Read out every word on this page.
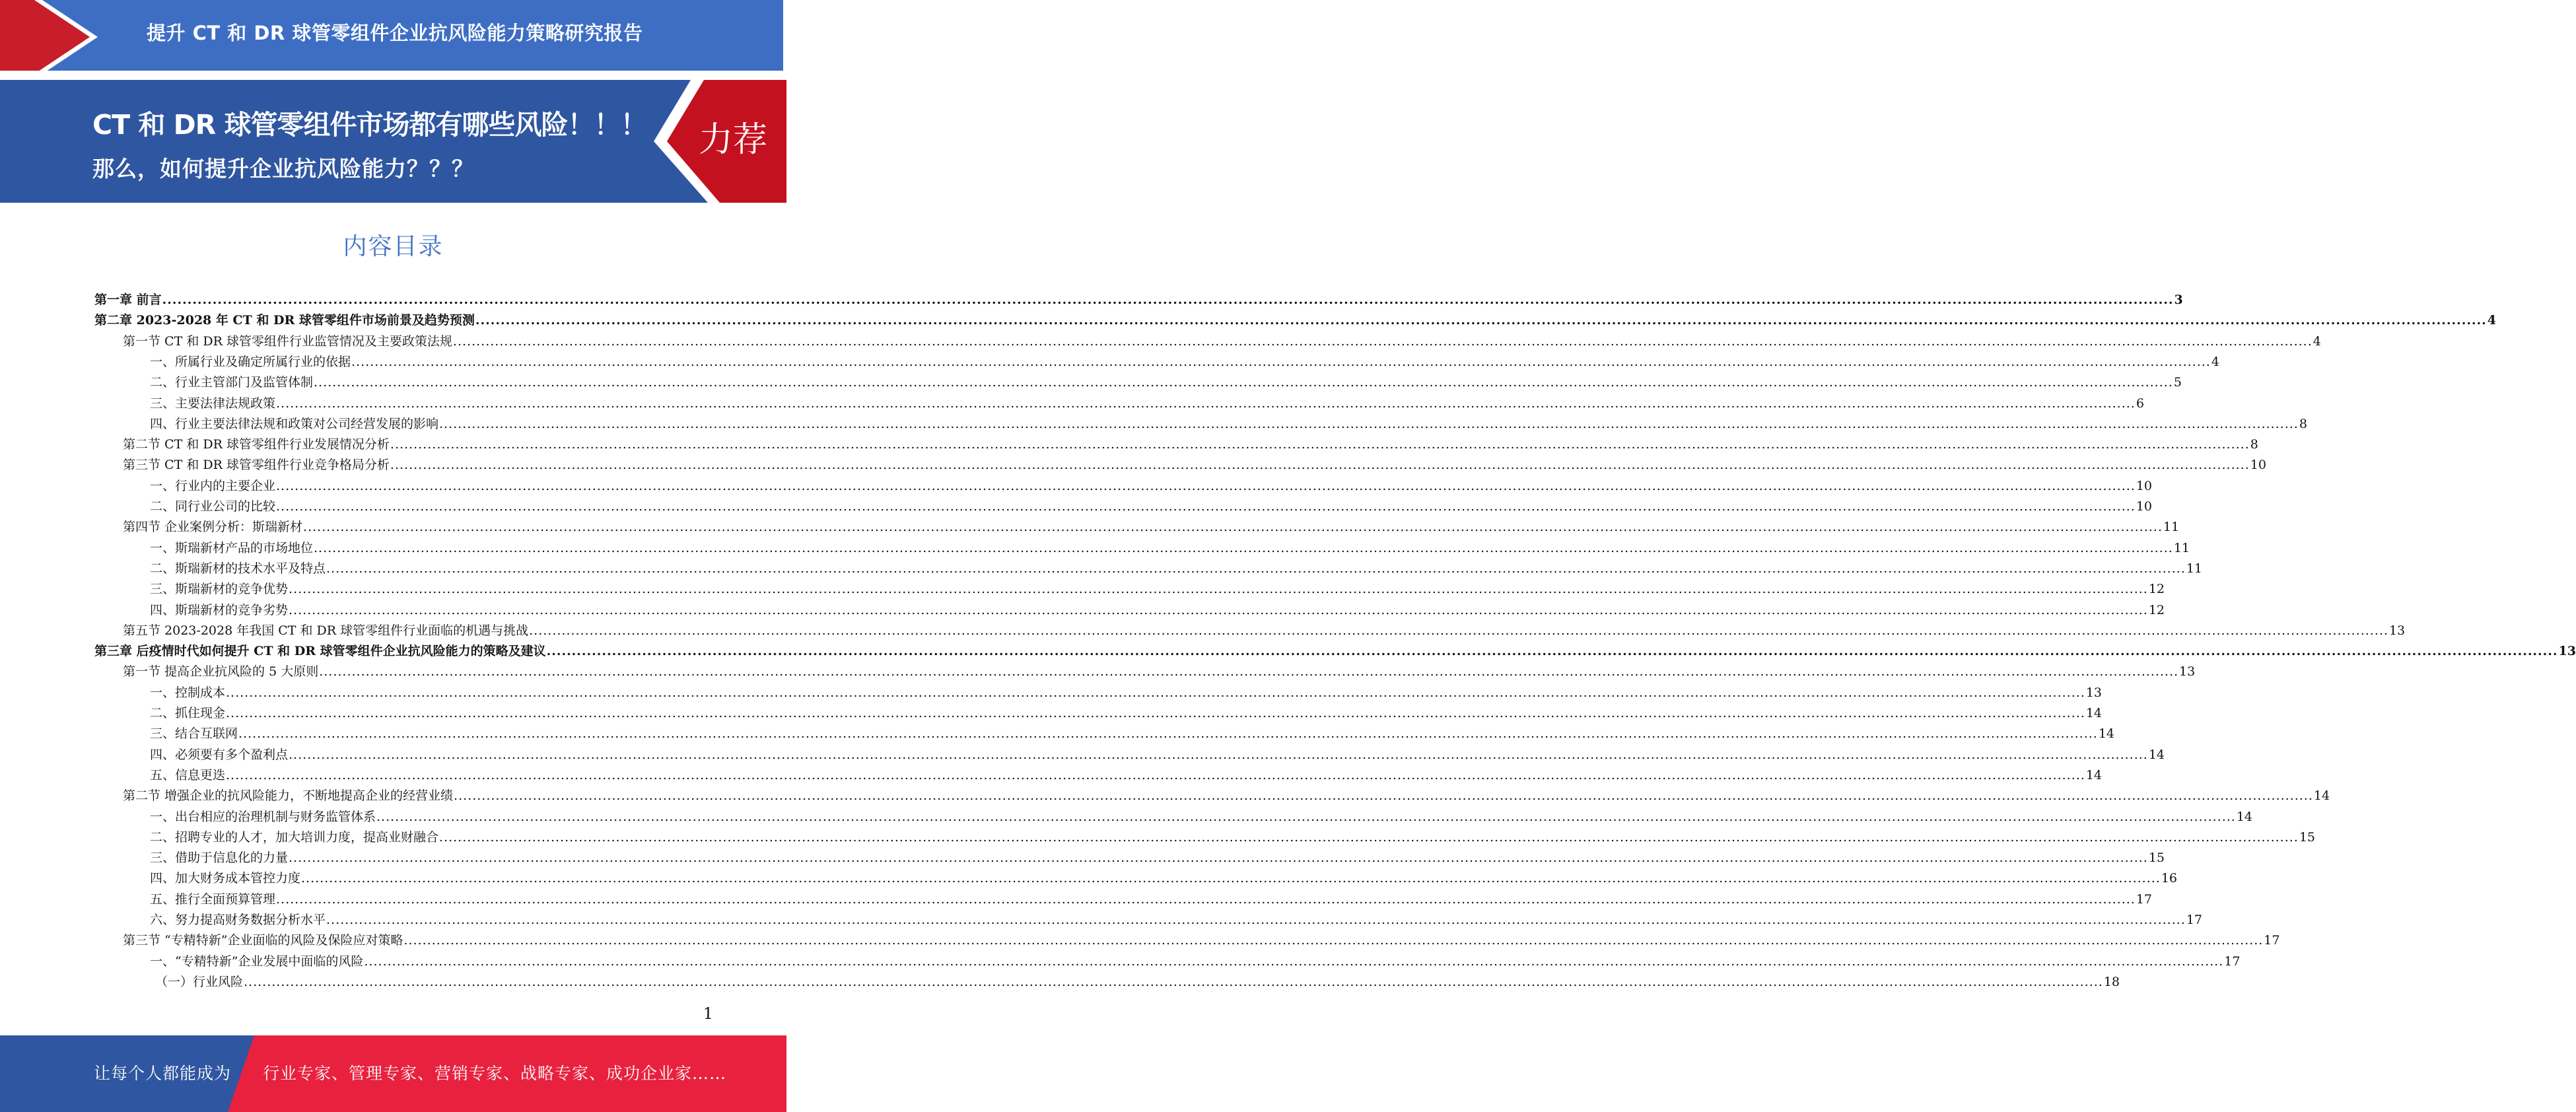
提升 CT 和 DR 球管零组件企业抗风险能力策略研究报告
CT 和 DR 球管零组件市场都有哪些风险！！！
那么，如何提升企业抗风险能力？？？
力荐
内容目录
第一章 前言 ................................................................................................................................................................................................................................................................................................................................................................................................................ 3
第二章 2023-2028 年 CT 和 DR 球管零组件市场前景及趋势预测 ................................................................................................................................................................................................................................................................................................................................................................................................................ 4
第一节 CT 和 DR 球管零组件行业监管情况及主要政策法规 ................................................................................................................................................................................................................................................................................................................................................................................................................ 4
一、所属行业及确定所属行业的依据 ................................................................................................................................................................................................................................................................................................................................................................................................................ 4
二、行业主管部门及监管体制 ................................................................................................................................................................................................................................................................................................................................................................................................................ 5
三、主要法律法规政策 ................................................................................................................................................................................................................................................................................................................................................................................................................ 6
四、行业主要法律法规和政策对公司经营发展的影响 ................................................................................................................................................................................................................................................................................................................................................................................................................ 8
第二节 CT 和 DR 球管零组件行业发展情况分析 ................................................................................................................................................................................................................................................................................................................................................................................................................ 8
第三节 CT 和 DR 球管零组件行业竞争格局分析 ................................................................................................................................................................................................................................................................................................................................................................................................................ 10
一、行业内的主要企业 ................................................................................................................................................................................................................................................................................................................................................................................................................ 10
二、同行业公司的比较 ................................................................................................................................................................................................................................................................................................................................................................................................................ 10
第四节 企业案例分析：斯瑞新材 ................................................................................................................................................................................................................................................................................................................................................................................................................ 11
一、斯瑞新材产品的市场地位 ................................................................................................................................................................................................................................................................................................................................................................................................................ 11
二、斯瑞新材的技术水平及特点 ................................................................................................................................................................................................................................................................................................................................................................................................................ 11
三、斯瑞新材的竞争优势 ................................................................................................................................................................................................................................................................................................................................................................................................................ 12
四、斯瑞新材的竞争劣势 ................................................................................................................................................................................................................................................................................................................................................................................................................ 12
第五节 2023-2028 年我国 CT 和 DR 球管零组件行业面临的机遇与挑战 ................................................................................................................................................................................................................................................................................................................................................................................................................ 13
第三章 后疫情时代如何提升 CT 和 DR 球管零组件企业抗风险能力的策略及建议 ................................................................................................................................................................................................................................................................................................................................................................................................................ 13
第一节 提高企业抗风险的 5 大原则 ................................................................................................................................................................................................................................................................................................................................................................................................................ 13
一、控制成本 ................................................................................................................................................................................................................................................................................................................................................................................................................ 13
二、抓住现金 ................................................................................................................................................................................................................................................................................................................................................................................................................ 14
三、结合互联网 ................................................................................................................................................................................................................................................................................................................................................................................................................ 14
四、必须要有多个盈利点 ................................................................................................................................................................................................................................................................................................................................................................................................................ 14
五、信息更迭 ................................................................................................................................................................................................................................................................................................................................................................................................................ 14
第二节 增强企业的抗风险能力，不断地提高企业的经营业绩 ................................................................................................................................................................................................................................................................................................................................................................................................................ 14
一、出台相应的治理机制与财务监管体系 ................................................................................................................................................................................................................................................................................................................................................................................................................ 14
二、招聘专业的人才，加大培训力度，提高业财融合 ................................................................................................................................................................................................................................................................................................................................................................................................................ 15
三、借助于信息化的力量 ................................................................................................................................................................................................................................................................................................................................................................................................................ 15
四、加大财务成本管控力度 ................................................................................................................................................................................................................................................................................................................................................................................................................ 16
五、推行全面预算管理 ................................................................................................................................................................................................................................................................................................................................................................................................................ 17
六、努力提高财务数据分析水平 ................................................................................................................................................................................................................................................................................................................................................................................................................ 17
第三节 “专精特新”企业面临的风险及保险应对策略 ................................................................................................................................................................................................................................................................................................................................................................................................................ 17
一、“专精特新”企业发展中面临的风险 ................................................................................................................................................................................................................................................................................................................................................................................................................ 17
（一）行业风险 ................................................................................................................................................................................................................................................................................................................................................................................................................ 18
1
让每个人都能成为 行业专家、管理专家、营销专家、战略专家、成功企业家……
